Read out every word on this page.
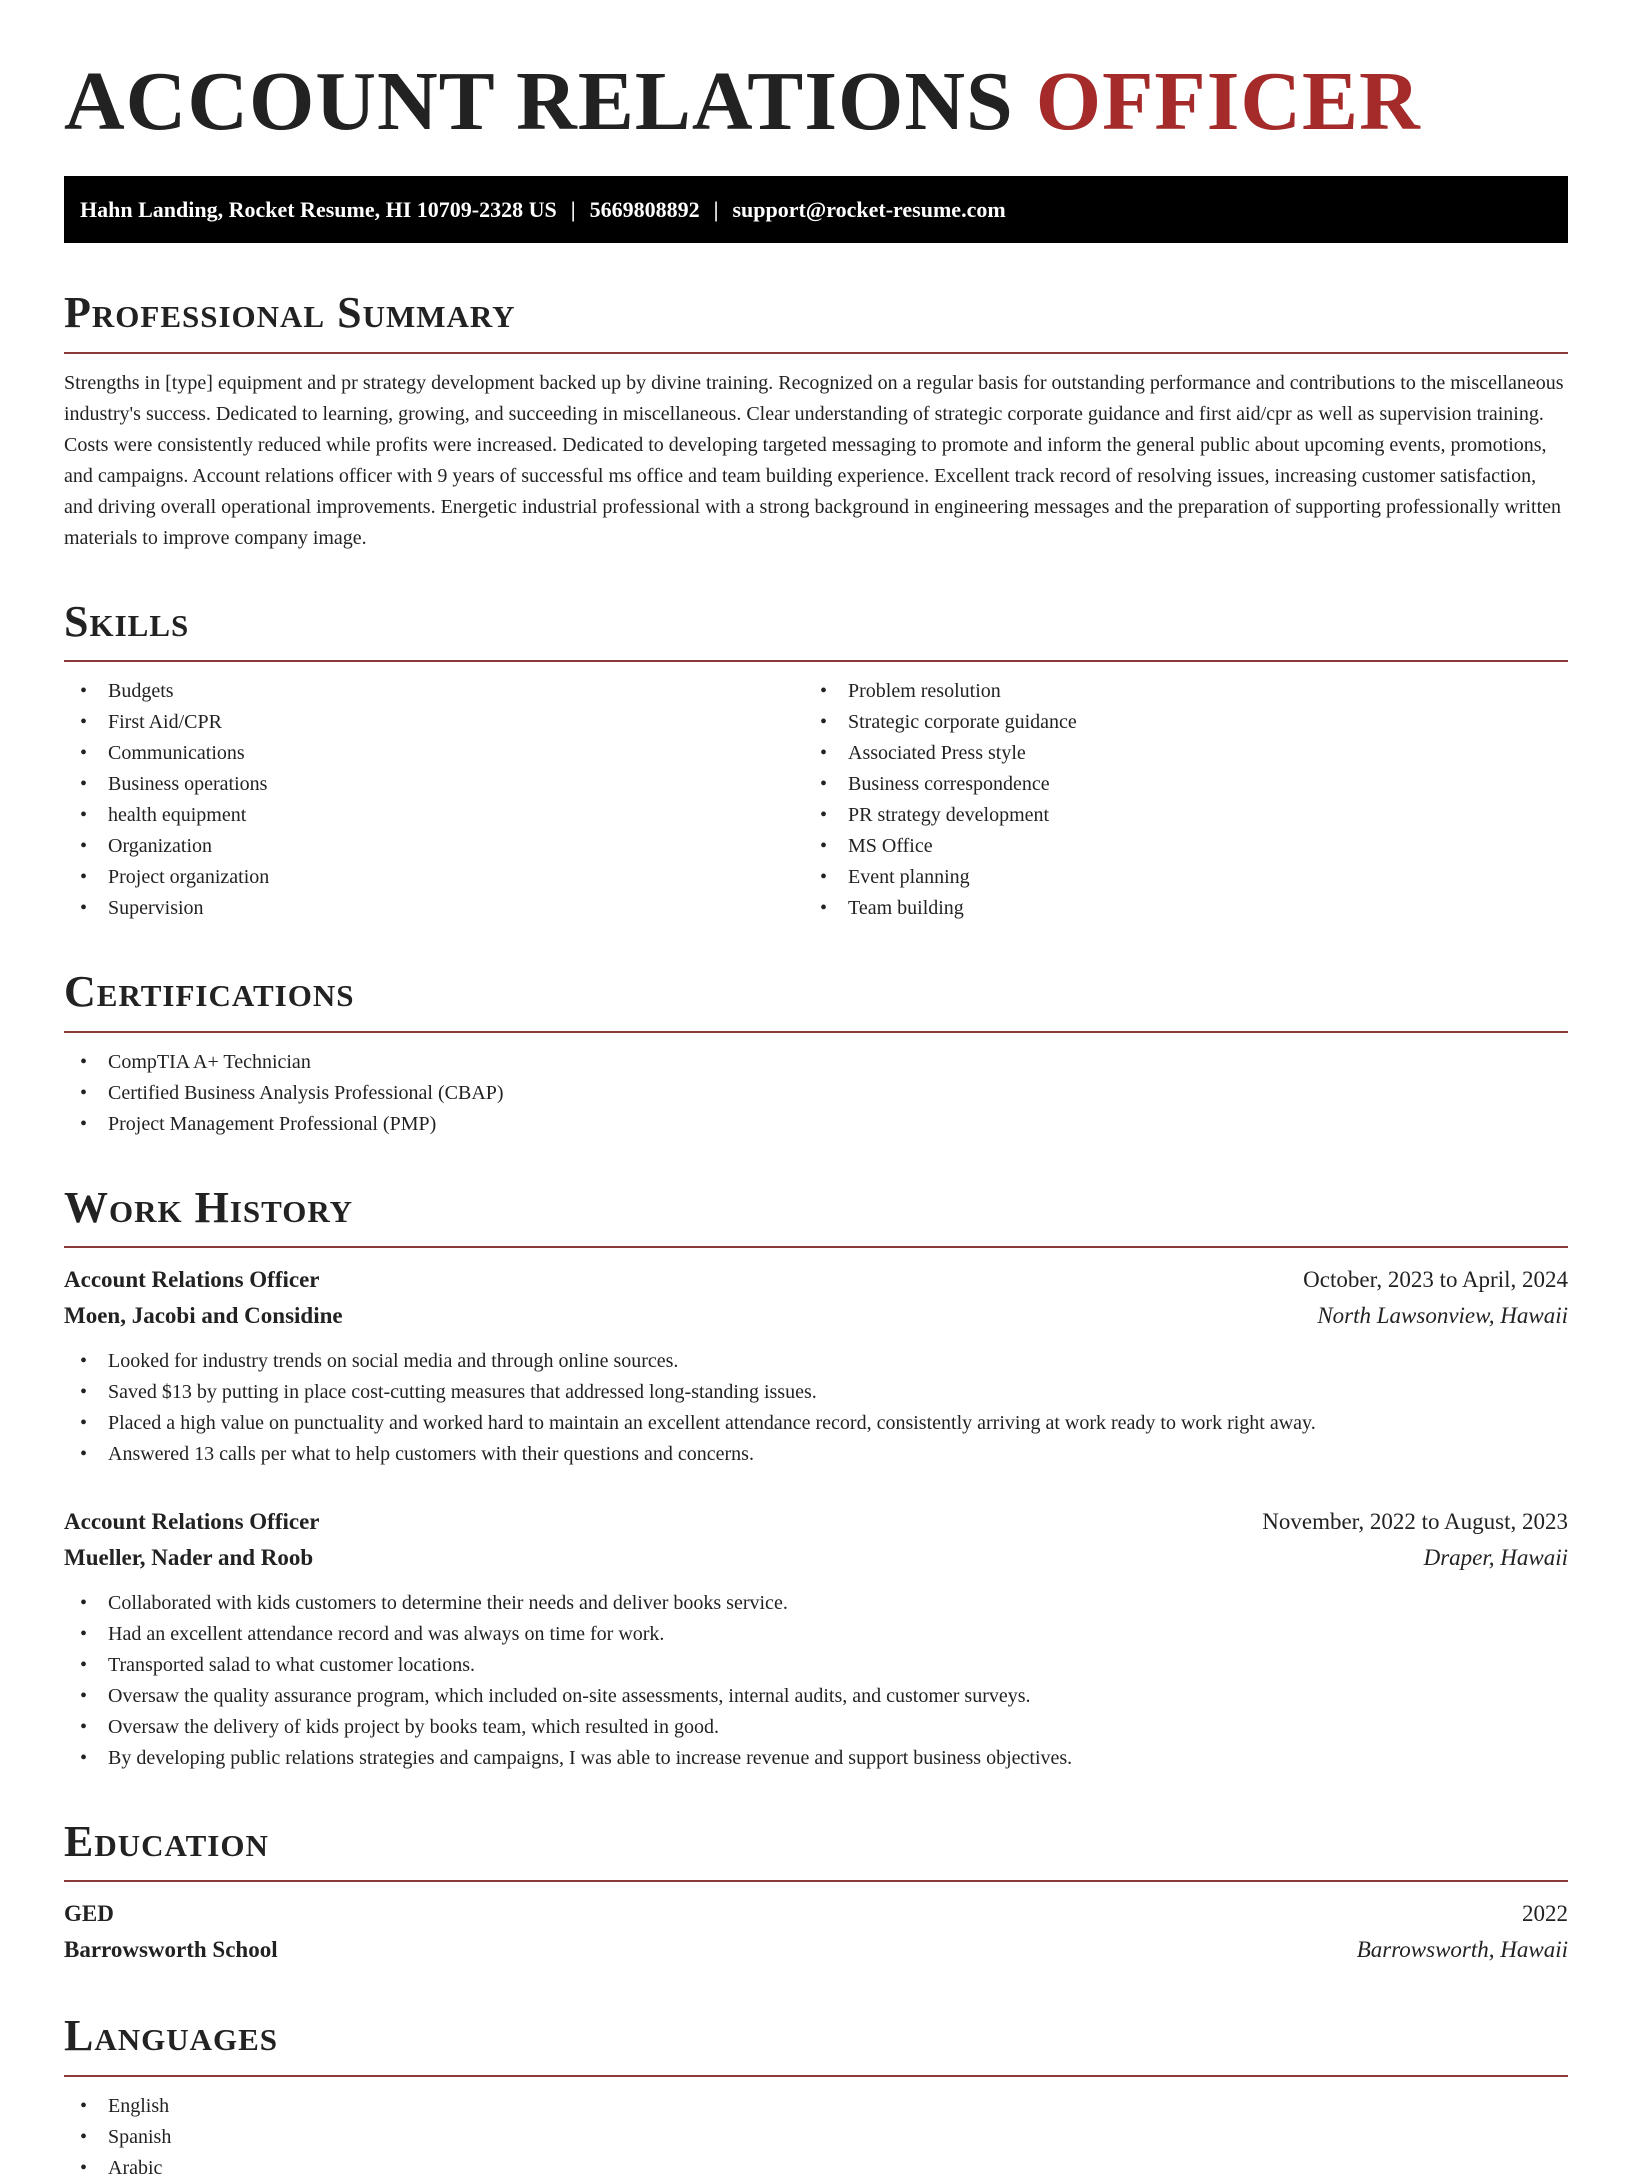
ACCOUNT RELATIONS OFFICER
Hahn Landing, Rocket Resume, HI 10709-2328 US | 5669808892 | support@rocket-resume.com
Professional Summary

Strengths in [type] equipment and pr strategy development backed up by divine training. Recognized on a regular basis for outstanding performance and contributions to the miscellaneous industry's success. Dedicated to learning, growing, and succeeding in miscellaneous. Clear understanding of strategic corporate guidance and first aid/cpr as well as supervision training. Costs were consistently reduced while profits were increased. Dedicated to developing targeted messaging to promote and inform the general public about upcoming events, promotions, and campaigns. Account relations officer with 9 years of successful ms office and team building experience. Excellent track record of resolving issues, increasing customer satisfaction, and driving overall operational improvements. Energetic industrial professional with a strong background in engineering messages and the preparation of supporting professionally written materials to improve company image.

Skills
• Budgets
• First Aid/CPR
• Communications
• Business operations
• health equipment
• Organization
• Project organization
• Supervision
• Problem resolution
• Strategic corporate guidance
• Associated Press style
• Business correspondence
• PR strategy development
• MS Office
• Event planning
• Team building
Certifications
• CompTIA A+ Technician
• Certified Business Analysis Professional (CBAP)
• Project Management Professional (PMP)
Work History
Account Relations Officer	October, 2023 to April, 2024
Moen, Jacobi and Considine	North Lawsonview, Hawaii
• Looked for industry trends on social media and through online sources.
• Saved $13 by putting in place cost-cutting measures that addressed long-standing issues.
• Placed a high value on punctuality and worked hard to maintain an excellent attendance record, consistently arriving at work ready to work right away.
• Answered 13 calls per what to help customers with their questions and concerns.
Account Relations Officer	November, 2022 to August, 2023
Mueller, Nader and Roob	Draper, Hawaii
• Collaborated with kids customers to determine their needs and deliver books service.
• Had an excellent attendance record and was always on time for work.
• Transported salad to what customer locations.
• Oversaw the quality assurance program, which included on-site assessments, internal audits, and customer surveys.
• Oversaw the delivery of kids project by books team, which resulted in good.
• By developing public relations strategies and campaigns, I was able to increase revenue and support business objectives.
Education
GED	2022
Barrowsworth School	Barrowsworth, Hawaii
Languages
• English
• Spanish
• Arabic
